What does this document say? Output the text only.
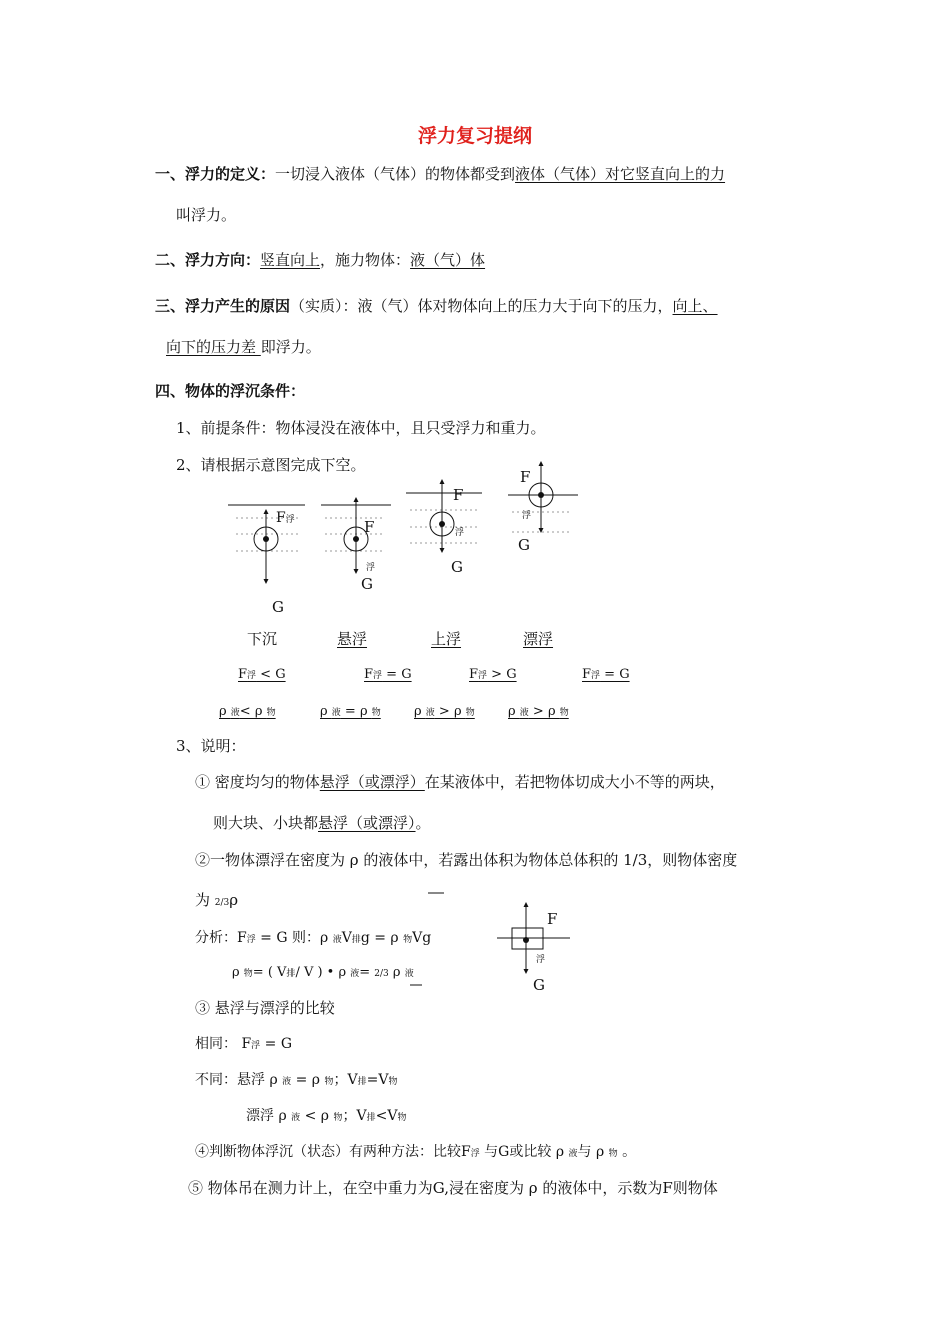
浮力复习提纲
一、浮力的定义：一切浸入液体（气体）的物体都受到液体（气体）对它竖直向上的力
叫浮力。
二、浮力方向：竖直向上，施力物体：液（气）体
三、浮力产生的原因（实质）：液（气）体对物体向上的压力大于向下的压力，向上、
向下的压力差 即浮力。
四、物体的浮沉条件：
1、前提条件：物体浸没在液体中，且只受浮力和重力。
2、请根据示意图完成下空。
F浮
G
F
浮
G
F
浮
G
F
浮
G
下沉	悬浮	上浮	漂浮
F浮 < G	F浮 = G	F浮 > G	F浮 = G
ρ 液< ρ 物	ρ 液 = ρ 物	ρ 液 > ρ 物	ρ 液 > ρ 物
3、说明：
① 密度均匀的物体悬浮（或漂浮）在某液体中，若把物体切成大小不等的两块，
则大块、小块都悬浮（或漂浮）。
②一物体漂浮在密度为 ρ 的液体中，若露出体积为物体总体积的 1/3，则物体密度
为 2/3ρ
分析：F浮 = G 则：ρ 液V排g = ρ 物Vg
F
浮
G
ρ 物= ( V排/ V ) • ρ 液= 2/3 ρ 液
③ 悬浮与漂浮的比较
相同： F浮 = G
不同：悬浮 ρ 液 = ρ 物；V排=V物
漂浮 ρ 液 < ρ 物；V排<V物
④判断物体浮沉（状态）有两种方法：比较F浮 与G或比较 ρ 液与 ρ 物 。
⑤ 物体吊在测力计上，在空中重力为G,浸在密度为 ρ 的液体中，示数为F则物体
